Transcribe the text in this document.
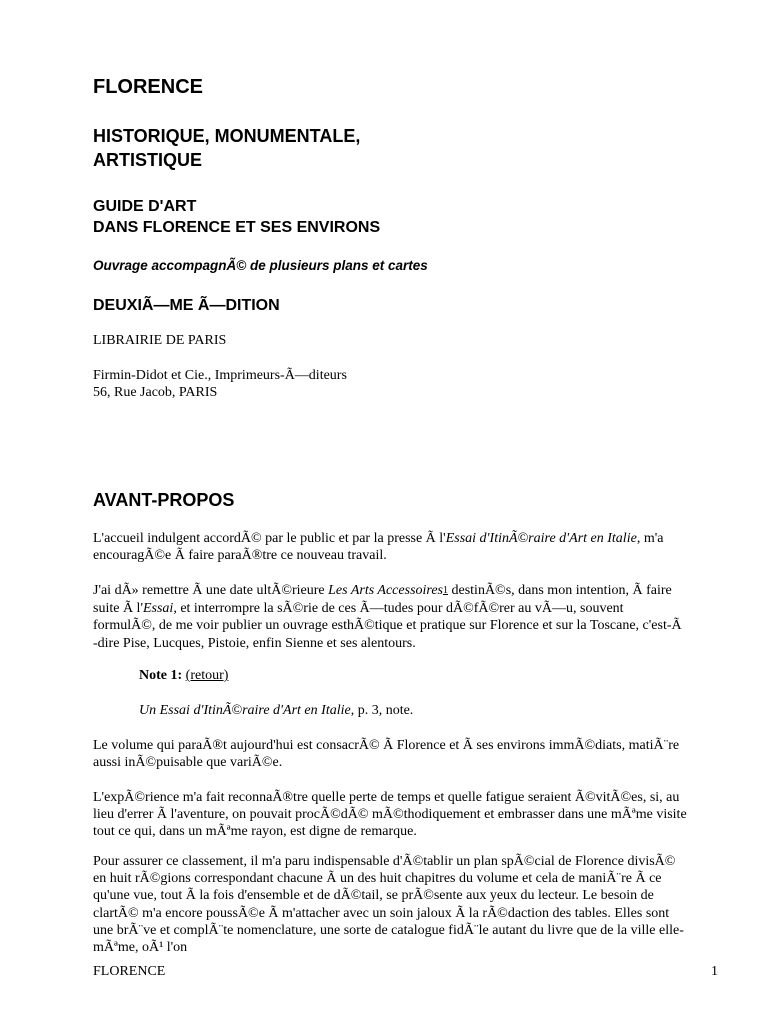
FLORENCE
HISTORIQUE, MONUMENTALE,
ARTISTIQUE
GUIDE D'ART
DANS FLORENCE ET SES ENVIRONS

Ouvrage accompagnÃ© de plusieurs plans et cartes

DEUXIÃ—ME Ã—DITION

LIBRAIRIE DE PARIS

Firmin-Didot et Cie., Imprimeurs-Ã—diteurs
56, Rue Jacob, PARIS

AVANT-PROPOS

L'accueil indulgent accordÃ© par le public et par la presse Ã l'Essai d'ItinÃ©raire d'Art en Italie, m'a encouragÃ©e Ã faire paraÃ®tre ce nouveau travail.

J'ai dÃ» remettre Ã une date ultÃ©rieure Les Arts Accessoires$^1$ destinÃ©s, dans mon intention, Ã faire suite Ã l'Essai, et interrompre la sÃ©rie de ces Ã—tudes pour dÃ©fÃ©rer au vÃ—u, souvent formulÃ©, de me voir publier un ouvrage esthÃ©tique et pratique sur Florence et sur la Toscane, c'est-Ã -dire Pise, Lucques, Pistoie, enfin Sienne et ses alentours.

Note 1: (retour)

Un Essai d'ItinÃ©raire d'Art en Italie, p. 3, note.

Le volume qui paraÃ®t aujourd'hui est consacrÃ© Ã Florence et Ã ses environs immÃ©diats, matiÃ¨re aussi inÃ©puisable que variÃ©e.

L'expÃ©rience m'a fait reconnaÃ®tre quelle perte de temps et quelle fatigue seraient Ã©vitÃ©es, si, au lieu d'errer Ã l'aventure, on pouvait procÃ©dÃ© mÃ©thodiquement et embrasser dans une mÃªme visite tout ce qui, dans un mÃªme rayon, est digne de remarque.

Pour assurer ce classement, il m'a paru indispensable d'Ã©tablir un plan spÃ©cial de Florence divisÃ© en huit rÃ©gions correspondant chacune Ã un des huit chapitres du volume et cela de maniÃ¨re Ã ce qu'une vue, tout Ã la fois d'ensemble et de dÃ©tail, se prÃ©sente aux yeux du lecteur. Le besoin de clartÃ© m'a encore poussÃ©e Ã m'attacher avec un soin jaloux Ã la rÃ©daction des tables. Elles sont une brÃ¨ve et complÃ¨te nomenclature, une sorte de catalogue fidÃ¨le autant du livre que de la ville elle-mÃªme, oÃ¹ l'on

FLORENCE	1
